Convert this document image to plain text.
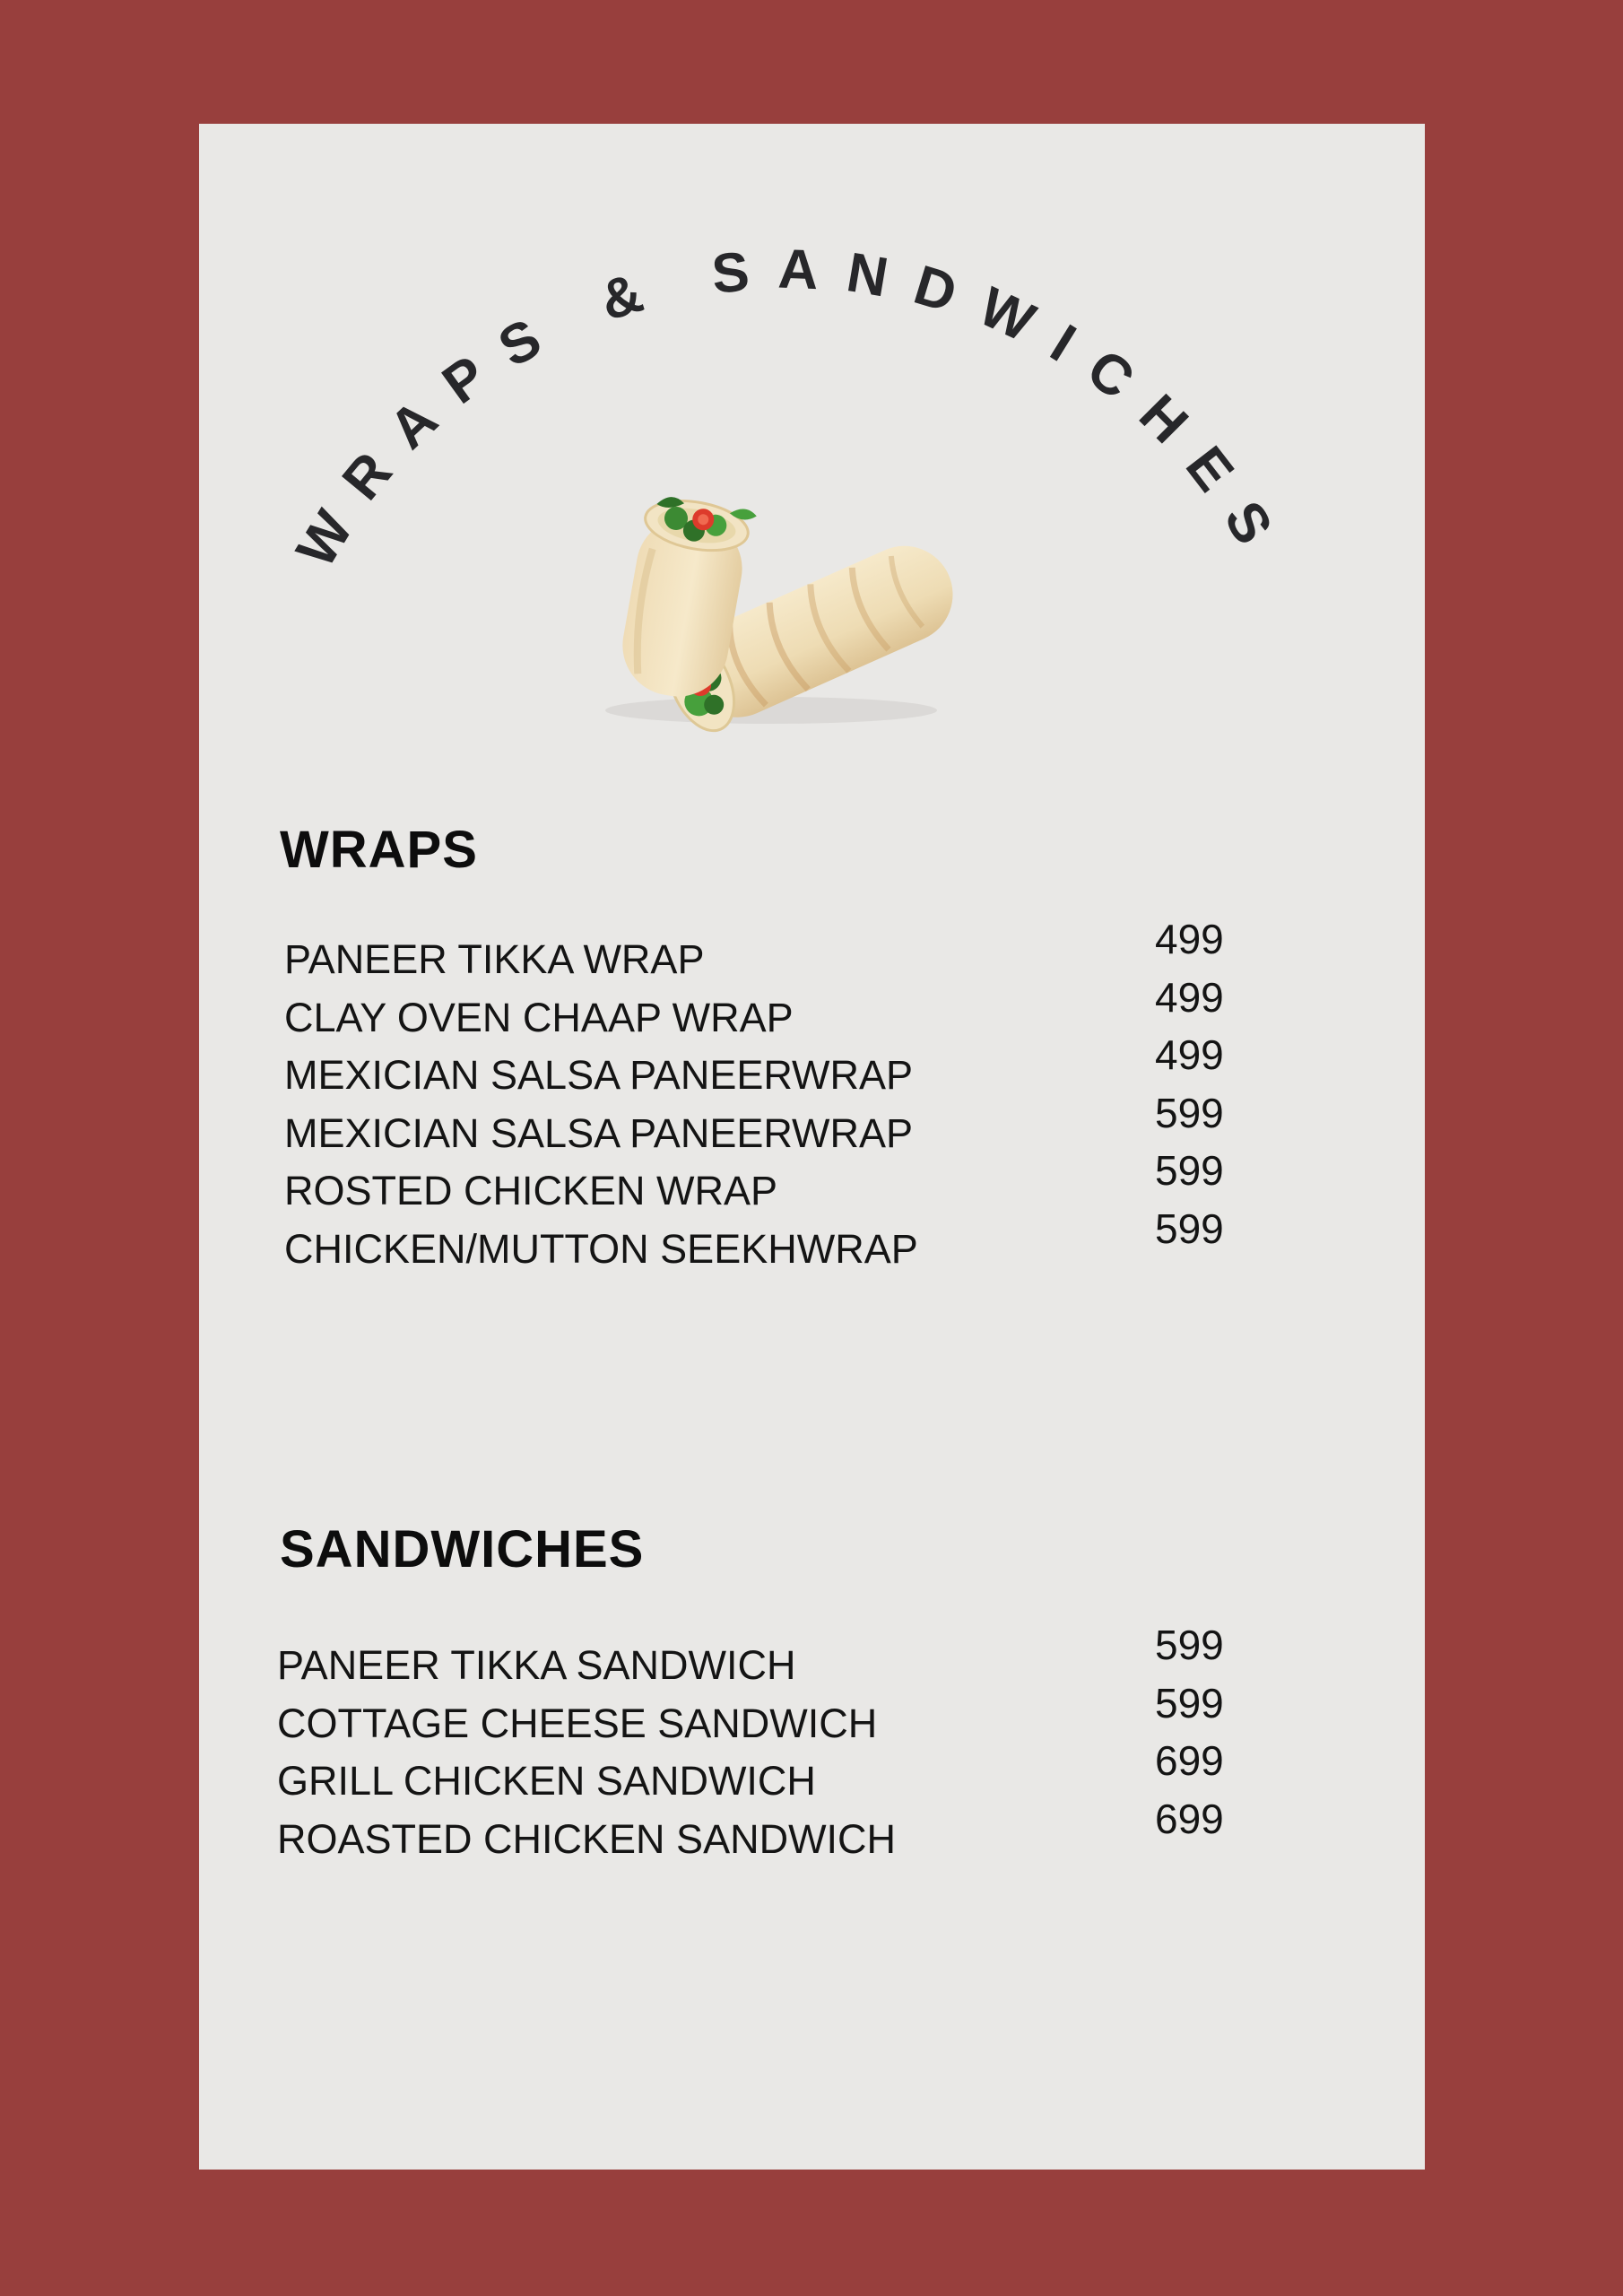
WRAPS & SANDWICHES
WRAPS
PANEER TIKKA WRAP	499
CLAY OVEN CHAAP WRAP	499
MEXICIAN SALSA PANEERWRAP	499
MEXICIAN SALSA PANEERWRAP	599
ROSTED CHICKEN WRAP	599
CHICKEN/MUTTON SEEKHWRAP	599
SANDWICHES
PANEER TIKKA SANDWICH	599
COTTAGE CHEESE SANDWICH	599
GRILL CHICKEN SANDWICH	699
ROASTED CHICKEN SANDWICH	699
